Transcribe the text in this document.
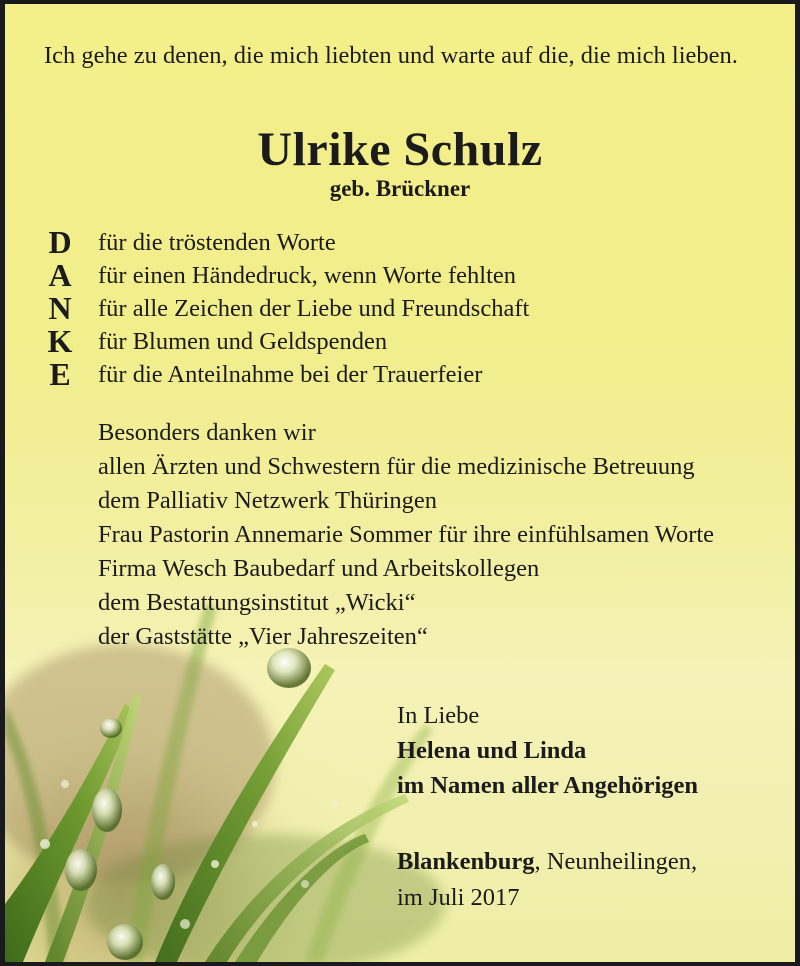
Ich gehe zu denen, die mich liebten und warte auf die, die mich lieben.

Ulrike Schulz
geb. Brückner
D für die tröstenden Worte
A für einen Händedruck, wenn Worte fehlten
N für alle Zeichen der Liebe und Freundschaft
K für Blumen und Geldspenden
E für die Anteilnahme bei der Trauerfeier
Besonders danken wir
allen Ärzten und Schwestern für die medizinische Betreuung
dem Palliativ Netzwerk Thüringen
Frau Pastorin Annemarie Sommer für ihre einfühlsamen Worte
Firma Wesch Baubedarf und Arbeitskollegen
dem Bestattungsinstitut „Wicki“
der Gaststätte „Vier Jahreszeiten“
In Liebe
Helena und Linda
im Namen aller Angehörigen
Blankenburg, Neunheilingen,
im Juli 2017
